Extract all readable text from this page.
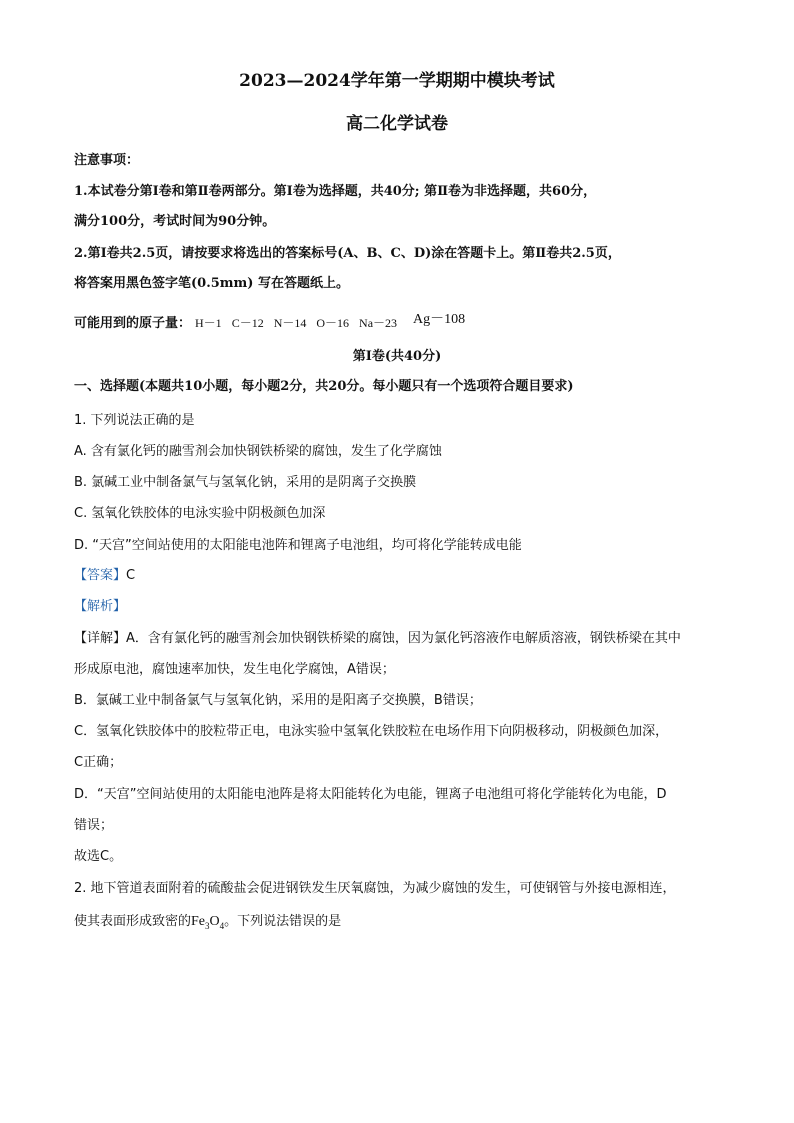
2023—2024学年第一学期期中模块考试
高二化学试卷
注意事项：
1.本试卷分第Ⅰ卷和第Ⅱ卷两部分。第Ⅰ卷为选择题，共40分; 第Ⅱ卷为非选择题，共60分，
满分100分，考试时间为90分钟。
2.第Ⅰ卷共2.5页，请按要求将选出的答案标号(A、B、C、D)涂在答题卡上。第Ⅱ卷共2.5页，
将答案用黑色签字笔(0.5mm) 写在答题纸上。
可能用到的原子量： H－1 C－12 N－14 O－16 Na－23 Ag－108
第Ⅰ卷(共40分)
一、选择题(本题共10小题，每小题2分，共20分。每小题只有一个选项符合题目要求)
1. 下列说法正确的是
A. 含有氯化钙的融雪剂会加快钢铁桥梁的腐蚀，发生了化学腐蚀
B. 氯碱工业中制备氯气与氢氧化钠，采用的是阴离子交换膜
C. 氢氧化铁胶体的电泳实验中阴极颜色加深
D. “天宫”空间站使用的太阳能电池阵和锂离子电池组，均可将化学能转成电能
【答案】C
【解析】
【详解】A．含有氯化钙的融雪剂会加快钢铁桥梁的腐蚀，因为氯化钙溶液作电解质溶液，钢铁桥梁在其中
形成原电池，腐蚀速率加快，发生电化学腐蚀，A错误；
B．氯碱工业中制备氯气与氢氧化钠，采用的是阳离子交换膜，B错误；
C．氢氧化铁胶体中的胶粒带正电，电泳实验中氢氧化铁胶粒在电场作用下向阴极移动，阴极颜色加深，
C正确；
D．“天宫”空间站使用的太阳能电池阵是将太阳能转化为电能，锂离子电池组可将化学能转化为电能，D
错误；
故选C。
2. 地下管道表面附着的硫酸盐会促进钢铁发生厌氧腐蚀，为减少腐蚀的发生，可使钢管与外接电源相连，
使其表面形成致密的$Fe_3O_4$。下列说法错误的是
